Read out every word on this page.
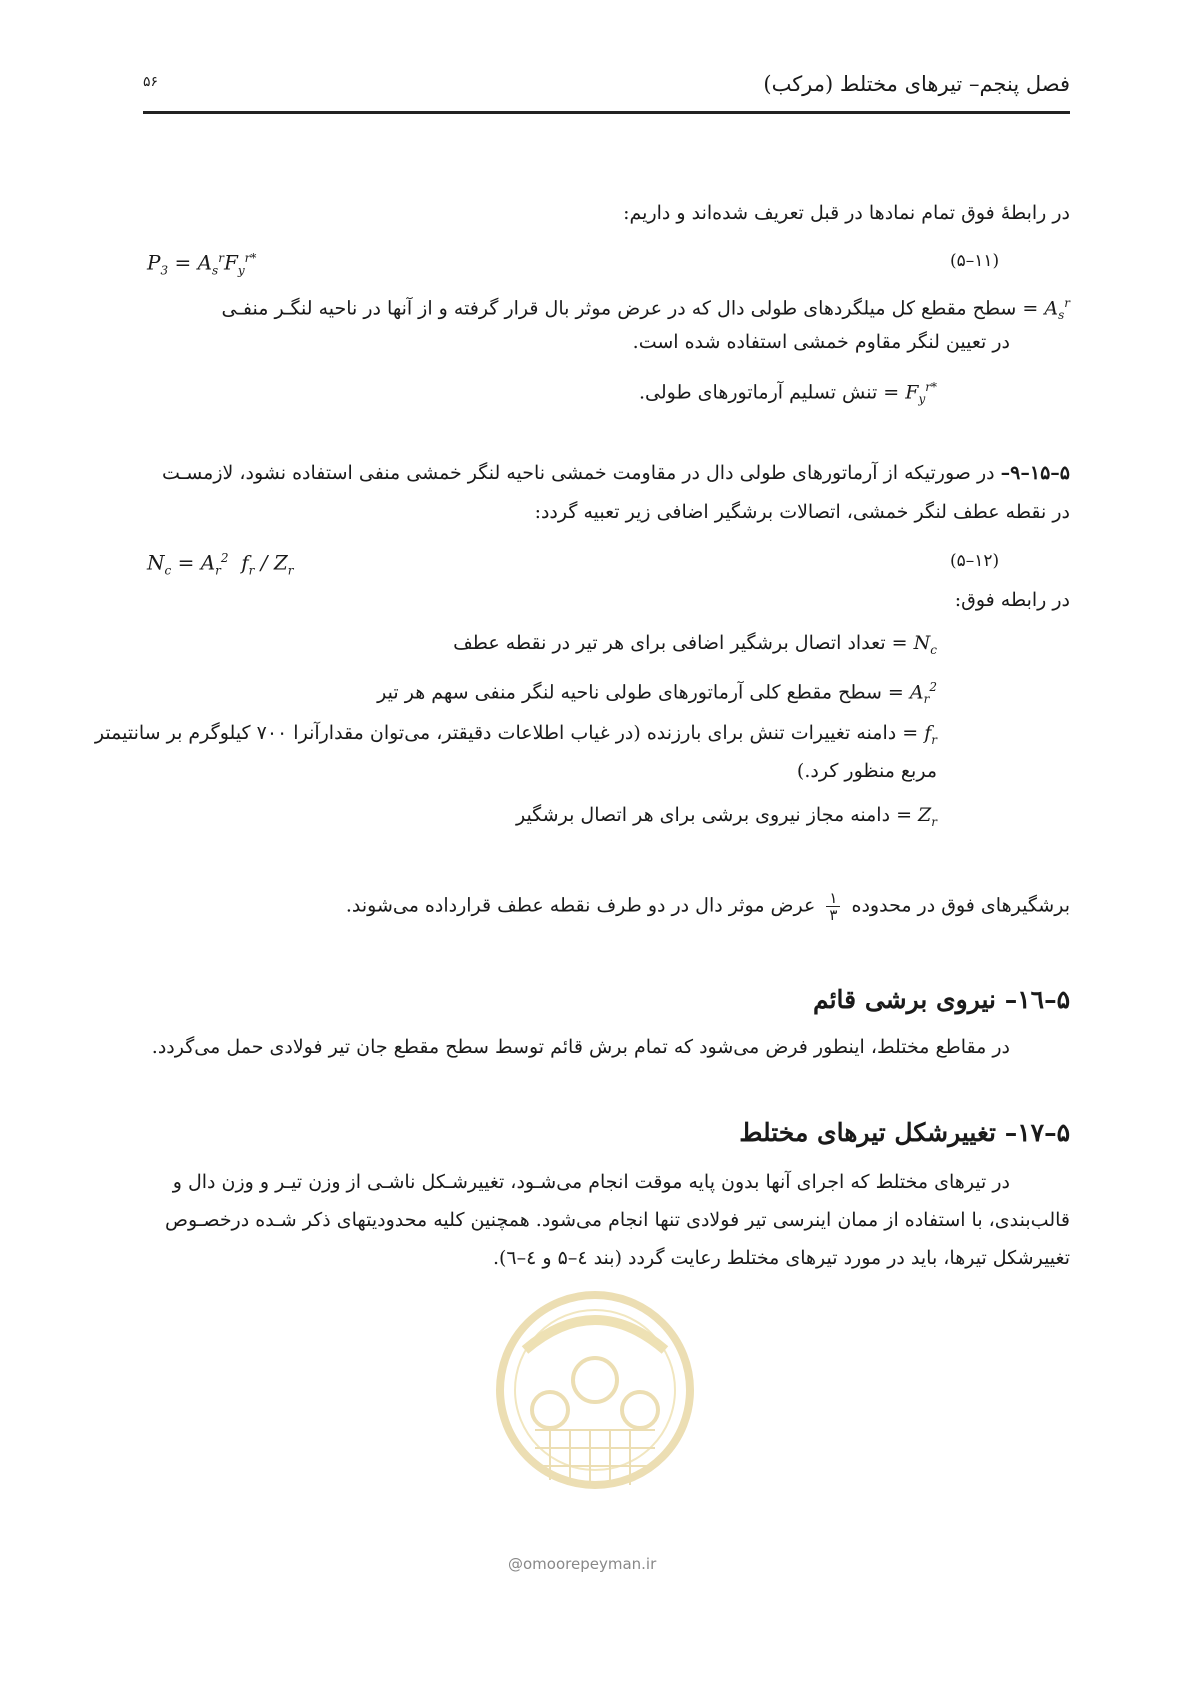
فصل پنجم– تیرهای مختلط (مرکب)
۵۶
در رابطهٔ فوق تمام نمادها در قبل تعریف شده‌اند و داریم:
$P_3 = A_s^rF_y^{r*}$	(۱۱–۵)
$A_s^r$ = سطح مقطع کل میلگردهای طولی دال که در عرض موثر بال قرار گرفته و از آنها در ناحیه لنگـر منفـی
در تعیین لنگر مقاوم خمشی استفاده شده است.
$F_y^{r*}$ = تنش تسلیم آرماتورهای طولی.
۵–۱۵–۹– در صورتیکه از آرماتورهای طولی دال در مقاومت خمشی ناحیه لنگر خمشی منفی استفاده نشود، لازمسـت
در نقطه عطف لنگر خمشی، اتصالات برشگیر اضافی زیر تعبیه گردد:
$N_c = A_r^2$  $f_r / Z_r$	(۱۲–۵)
در رابطه فوق:
$N_c$ = تعداد اتصال برشگیر اضافی برای هر تیر در نقطه عطف
$A_r^2$ = سطح مقطع کلی آرماتورهای طولی ناحیه لنگر منفی سهم هر تیر
$f_r$ = دامنه تغییرات تنش برای بارزنده (در غیاب اطلاعات دقیقتر، می‌توان مقدارآنرا ۷۰۰ کیلوگرم بر سانتیمتر
مربع منظور کرد.)
$Z_r$ = دامنه مجاز نیروی برشی برای هر اتصال برشگیر
برشگیرهای فوق در محدوده
$\frac{۱}{۳}$
عرض موثر دال در دو طرف نقطه عطف قرارداده می‌شوند.
۵–۱٦– نیروی برشی قائم
در مقاطع مختلط، اینطور فرض می‌شود که تمام برش قائم توسط سطح مقطع جان تیر فولادی حمل می‌گردد.
۵–۱۷– تغییرشکل تیرهای مختلط
در تیرهای مختلط که اجرای آنها بدون پایه موقت انجام می‌شـود، تغییرشـکل ناشـی از وزن تیـر و وزن دال و
قالب‌بندی، با استفاده از ممان اینرسی تیر فولادی تنها انجام می‌شود. همچنین کلیه محدودیتهای ذکر شـده درخصـوص
تغییرشکل تیرها، باید در مورد تیرهای مختلط رعایت گردد (بند ٤–۵ و ٤–٦).
@omoorepeyman.ir
